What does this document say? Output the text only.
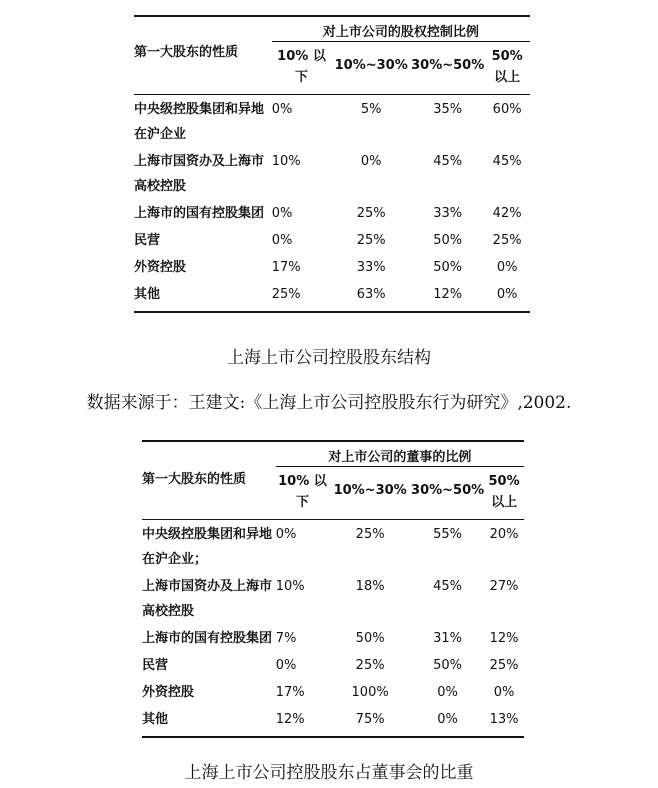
第一大股东的性质	对上市公司的股权控制比例			
	10% 以下	10%~30%	30%~50%	50% 以上
中央级控股集团和异地在沪企业	0%	5%	35%	60%
上海市国资办及上海市高校控股	10%	0%	45%	45%
上海市的国有控股集团	0%	25%	33%	42%
民营	0%	25%	50%	25%
外资控股	17%	33%	50%	0%
其他	25%	63%	12%	0%
上海上市公司控股股东结构
数据来源于：王建文:《上海上市公司控股股东行为研究》,2002.
第一大股东的性质	对上市公司的董事的比例			
	10% 以下	10%~30%	30%~50%	50% 以上
中央级控股集团和异地在沪企业；	0%	25%	55%	20%
上海市国资办及上海市高校控股	10%	18%	45%	27%
上海市的国有控股集团	7%	50%	31%	12%
民营	0%	25%	50%	25%
外资控股	17%	100%	0%	0%
其他	12%	75%	0%	13%
上海上市公司控股股东占董事会的比重
